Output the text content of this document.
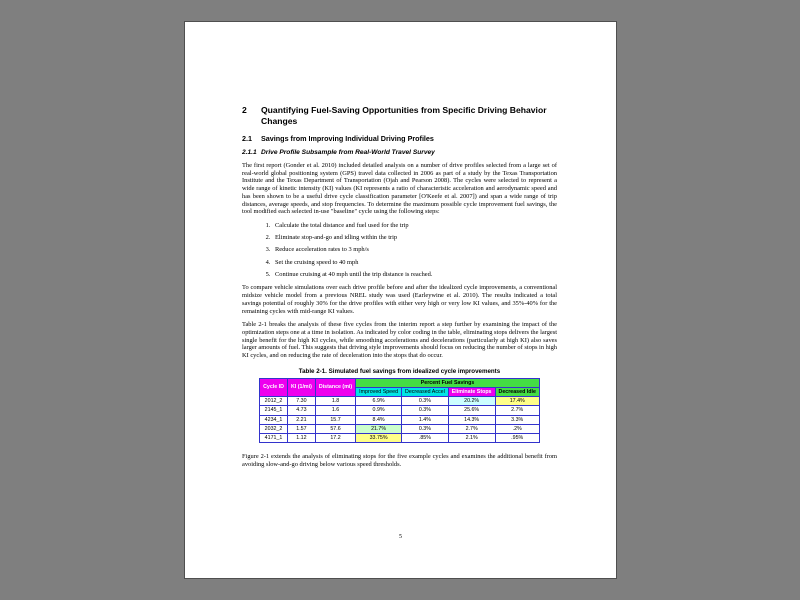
2	Quantifying Fuel-Saving Opportunities from Specific Driving Behavior Changes
2.1	Savings from Improving Individual Driving Profiles
2.1.1 Drive Profile Subsample from Real-World Travel Survey

The first report (Gonder et al. 2010) included detailed analysis on a number of drive profiles selected from a large set of real-world global positioning system (GPS) travel data collected in 2006 as part of a study by the Texas Transportation Institute and the Texas Department of Transportation (Ojah and Pearson 2008). The cycles were selected to represent a wide range of kinetic intensity (KI) values (KI represents a ratio of characteristic acceleration and aerodynamic speed and has been shown to be a useful drive cycle classification parameter [O'Keefe et al. 2007]) and span a wide range of trip distances, average speeds, and stop frequencies. To determine the maximum possible cycle improvement fuel savings, the tool modified each selected in-use "baseline" cycle using the following steps:

1. Calculate the total distance and fuel used for the trip
2. Eliminate stop-and-go and idling within the trip
3. Reduce acceleration rates to 3 mph/s
4. Set the cruising speed to 40 mph
5. Continue cruising at 40 mph until the trip distance is reached.

To compare vehicle simulations over each drive profile before and after the idealized cycle improvements, a conventional midsize vehicle model from a previous NREL study was used (Earleywine et al. 2010). The results indicated a total savings potential of roughly 30% for the drive profiles with either very high or very low KI values, and 35%-40% for the remaining cycles with mid-range KI values.

Table 2-1 breaks the analysis of these five cycles from the interim report a step further by examining the impact of the optimization steps one at a time in isolation. As indicated by color coding in the table, eliminating stops delivers the largest single benefit for the high KI cycles, while smoothing accelerations and decelerations (particularly at high KI) also saves larger amounts of fuel. This suggests that driving style improvements should focus on reducing the number of stops in high KI cycles, and on reducing the rate of deceleration into the stops that do occur.

Table 2-1. Simulated fuel savings from idealized cycle improvements
Cycle ID	KI (1/mi)	Distance (mi)	Percent Fuel Savings			
			Improved Speed	Decreased Accel	Eliminate Stops	Decreased Idle
2012_2	7.30	1.8	6.9%	0.3%	20.2%	17.4%
2145_1	4.73	1.6	0.9%	0.3%	25.6%	2.7%
4234_1	2.21	15.7	8.4%	1.4%	14.3%	3.3%
2032_2	1.57	57.6	21.7%	0.3%	2.7%	.2%
4171_1	1.12	17.2	33.75%	.85%	2.1%	.95%

Figure 2-1 extends the analysis of eliminating stops for the five example cycles and examines the additional benefit from avoiding slow-and-go driving below various speed thresholds.

5
